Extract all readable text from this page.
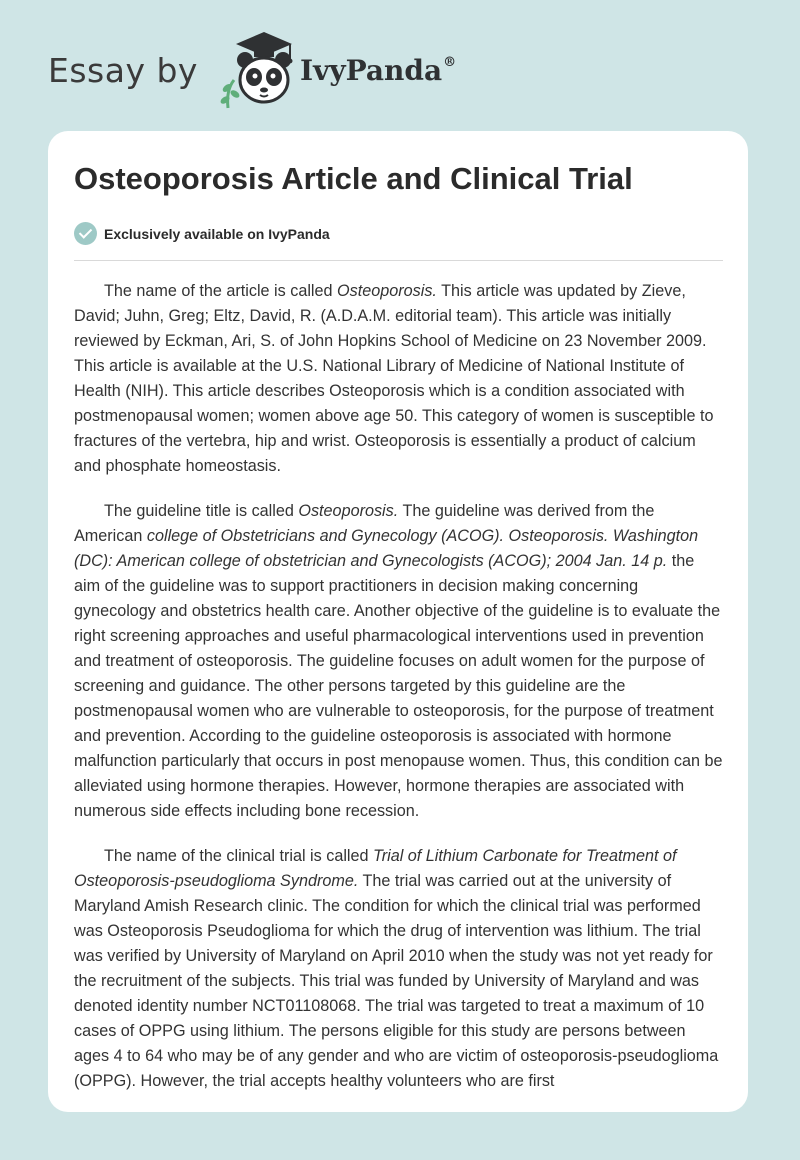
Essay by	IvyPanda®
Osteoporosis Article and Clinical Trial
Exclusively available on IvyPanda

The name of the article is called Osteoporosis. This article was updated by Zieve, David; Juhn, Greg; Eltz, David, R. (A.D.A.M. editorial team). This article was initially reviewed by Eckman, Ari, S. of John Hopkins School of Medicine on 23 November 2009. This article is available at the U.S. National Library of Medicine of National Institute of Health (NIH). This article describes Osteoporosis which is a condition associated with postmenopausal women; women above age 50. This category of women is susceptible to fractures of the vertebra, hip and wrist. Osteoporosis is essentially a product of calcium and phosphate homeostasis.

The guideline title is called Osteoporosis. The guideline was derived from the American college of Obstetricians and Gynecology (ACOG). Osteoporosis. Washington (DC): American college of obstetrician and Gynecologists (ACOG); 2004 Jan. 14 p. the aim of the guideline was to support practitioners in decision making concerning gynecology and obstetrics health care. Another objective of the guideline is to evaluate the right screening approaches and useful pharmacological interventions used in prevention and treatment of osteoporosis. The guideline focuses on adult women for the purpose of screening and guidance. The other persons targeted by this guideline are the postmenopausal women who are vulnerable to osteoporosis, for the purpose of treatment and prevention. According to the guideline osteoporosis is associated with hormone malfunction particularly that occurs in post menopause women. Thus, this condition can be alleviated using hormone therapies. However, hormone therapies are associated with numerous side effects including bone recession.

The name of the clinical trial is called Trial of Lithium Carbonate for Treatment of Osteoporosis-pseudoglioma Syndrome. The trial was carried out at the university of Maryland Amish Research clinic. The condition for which the clinical trial was performed was Osteoporosis Pseudoglioma for which the drug of intervention was lithium. The trial was verified by University of Maryland on April 2010 when the study was not yet ready for the recruitment of the subjects. This trial was funded by University of Maryland and was denoted identity number NCT01108068. The trial was targeted to treat a maximum of 10 cases of OPPG using lithium. The persons eligible for this study are persons between ages 4 to 64 who may be of any gender and who are victim of osteoporosis-pseudoglioma (OPPG). However, the trial accepts healthy volunteers who are first
